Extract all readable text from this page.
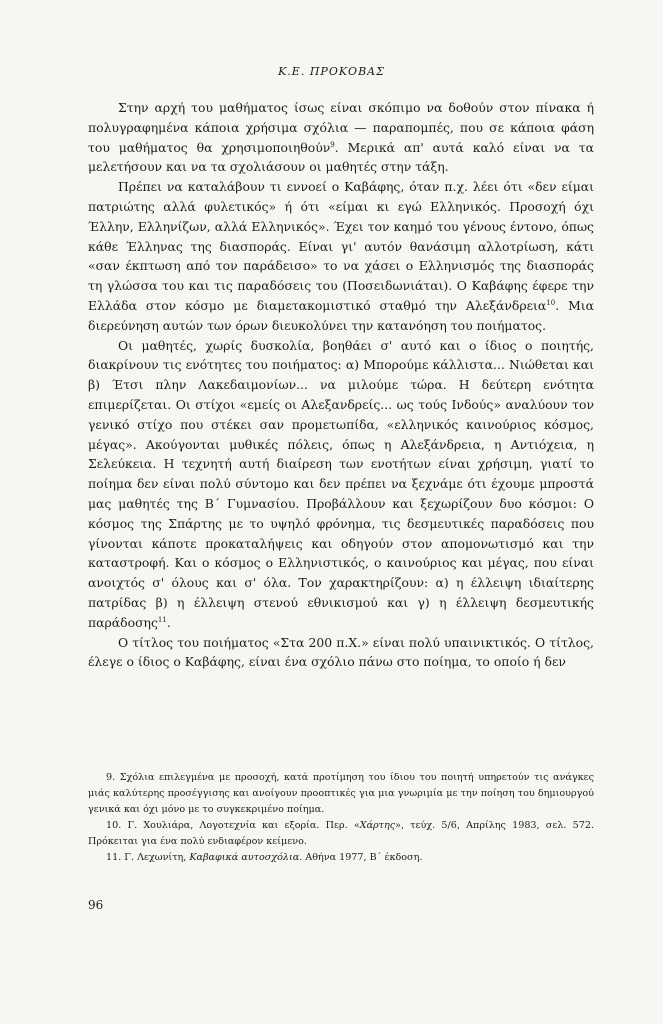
Κ.Ε. ΠΡΟΚΟΒΑΣ

Στην αρχή του μαθήματος ίσως είναι σκόπιμο να δοθούν στον πίνακα ή πολυγραφημένα κάποια χρήσιμα σχόλια — παραπομπές, που σε κάποια φάση του μαθήματος θα χρησιμοποιηθούν$^9$. Μερικά απ' αυτά καλό είναι να τα μελετήσουν και να τα σχολιάσουν οι μαθητές στην τάξη.

Πρέπει να καταλάβουν τι εννοεί ο Καβάφης, όταν π.χ. λέει ότι «δεν είμαι πατριώτης αλλά φυλετικός» ή ότι «είμαι κι εγώ Ελληνικός. Προσοχή όχι Έλλην, Ελληνίζων, αλλά Ελληνικός». Έχει τον καημό του γένους έντονο, όπως κάθε Έλληνας της διασποράς. Είναι γι' αυτόν θανάσιμη αλλοτρίωση, κάτι «σαν έκπτωση από τον παράδεισο» το να χάσει ο Ελληνισμός της διασποράς τη γλώσσα του και τις παραδόσεις του (Ποσειδωνιάται). Ο Καβάφης έφερε την Ελλάδα στον κόσμο με διαμετακομιστικό σταθμό την Αλεξάνδρεια$^{10}$. Μια διερεύνηση αυτών των όρων διευκολύνει την κατανόηση του ποιήματος.

Οι μαθητές, χωρίς δυσκολία, βοηθάει σ' αυτό και ο ίδιος ο ποιητής, διακρίνουν τις ενότητες του ποιήματος: α) Μπορούμε κάλλιστα... Νιώθεται και β) Έτσι πλην Λακεδαιμονίων... να μιλούμε τώρα. Η δεύτερη ενότητα επιμερίζεται. Οι στίχοι «εμείς οι Αλεξανδρείς... ως τούς Ινδούς» αναλύουν τον γενικό στίχο που στέκει σαν προμετωπίδα, «ελληνικός καινούριος κόσμος, μέγας». Ακούγονται μυθικές πόλεις, όπως η Αλεξάνδρεια, η Αντιόχεια, η Σελεύκεια. Η τεχνητή αυτή διαίρεση των ενοτήτων είναι χρήσιμη, γιατί το ποίημα δεν είναι πολύ σύντομο και δεν πρέπει να ξεχνάμε ότι έχουμε μπροστά μας μαθητές της Β΄ Γυμνασίου. Προβάλλουν και ξεχωρίζουν δυο κόσμοι: Ο κόσμος της Σπάρτης με το υψηλό φρόνημα, τις δεσμευτικές παραδόσεις που γίνονται κάποτε προκαταλήψεις και οδηγούν στον απομονωτισμό και την καταστροφή. Και ο κόσμος ο Ελληνιστικός, ο καινούριος και μέγας, που είναι ανοιχτός σ' όλους και σ' όλα. Τον χαρακτηρίζουν: α) η έλλειψη ιδιαίτερης πατρίδας β) η έλλειψη στενού εθνικισμού και γ) η έλλειψη δεσμευτικής παράδοσης$^{11}$.

Ο τίτλος του ποιήματος «Στα 200 π.Χ.» είναι πολύ υπαινικτικός. Ο τίτλος, έλεγε ο ίδιος ο Καβάφης, είναι ένα σχόλιο πάνω στο ποίημα, το οποίο ή δεν

9. Σχόλια επιλεγμένα με προσοχή, κατά προτίμηση του ίδιου του ποιητή υπηρετούν τις ανάγκες μιάς καλύτερης προσέγγισης και ανοίγουν προοπτικές για μια γνωριμία με την ποίηση του δημιουργού γενικά και όχι μόνο με το συγκεκριμένο ποίημα.

10. Γ. Χουλιάρα, Λογοτεχνία και εξορία. Περ. «Χάρτης», τεύχ. 5/6, Απρίλης 1983, σελ. 572. Πρόκειται για ένα πολύ ενδιαφέρον κείμενο.

11. Γ. Λεχωνίτη, Καβαφικά αυτοσχόλια. Αθήνα 1977, Β΄ έκδοση.

96
